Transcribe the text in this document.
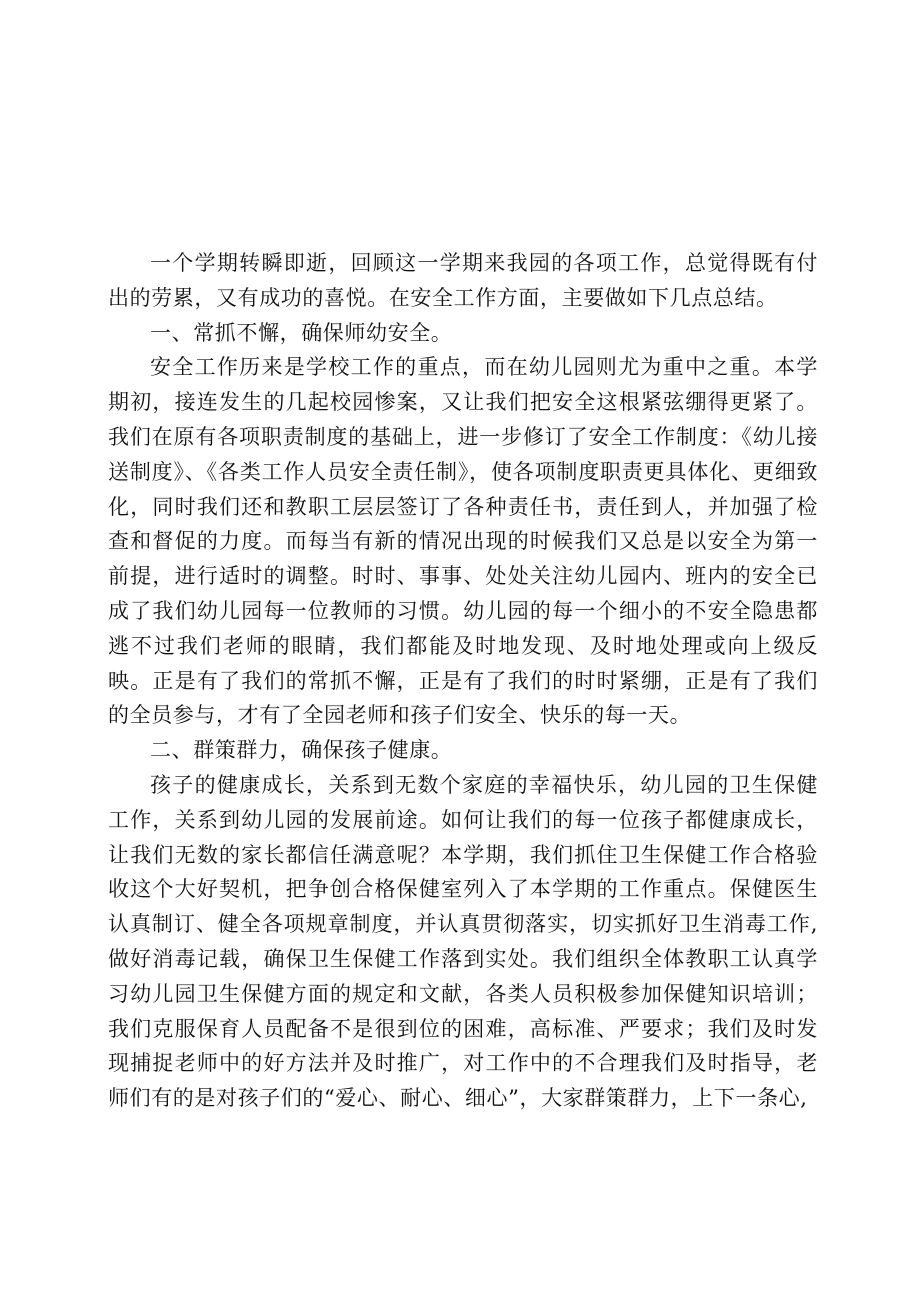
一个学期转瞬即逝，回顾这一学期来我园的各项工作，总觉得既有付出的劳累，又有成功的喜悦。在安全工作方面，主要做如下几点总结。

一、常抓不懈，确保师幼安全。

安全工作历来是学校工作的重点，而在幼儿园则尤为重中之重。本学期初，接连发生的几起校园惨案，又让我们把安全这根紧弦绷得更紧了。我们在原有各项职责制度的基础上，进一步修订了安全工作制度：《幼儿接送制度》、《各类工作人员安全责任制》，使各项制度职责更具体化、更细致化，同时我们还和教职工层层签订了各种责任书，责任到人，并加强了检查和督促的力度。而每当有新的情况出现的时候我们又总是以安全为第一前提，进行适时的调整。时时、事事、处处关注幼儿园内、班内的安全已成了我们幼儿园每一位教师的习惯。幼儿园的每一个细小的不安全隐患都逃不过我们老师的眼睛，我们都能及时地发现、及时地处理或向上级反映。正是有了我们的常抓不懈，正是有了我们的时时紧绷，正是有了我们的全员参与，才有了全园老师和孩子们安全、快乐的每一天。

二、群策群力，确保孩子健康。

孩子的健康成长，关系到无数个家庭的幸福快乐，幼儿园的卫生保健工作，关系到幼儿园的发展前途。如何让我们的每一位孩子都健康成长，让我们无数的家长都信任满意呢？本学期，我们抓住卫生保健工作合格验收这个大好契机，把争创合格保健室列入了本学期的工作重点。保健医生认真制订、健全各项规章制度，并认真贯彻落实，切实抓好卫生消毒工作,做好消毒记载，确保卫生保健工作落到实处。我们组织全体教职工认真学习幼儿园卫生保健方面的规定和文献，各类人员积极参加保健知识培训；我们克服保育人员配备不是很到位的困难，高标准、严要求；我们及时发现捕捉老师中的好方法并及时推广，对工作中的不合理我们及时指导，老师们有的是对孩子们的“爱心、耐心、细心”，大家群策群力，上下一条心,
